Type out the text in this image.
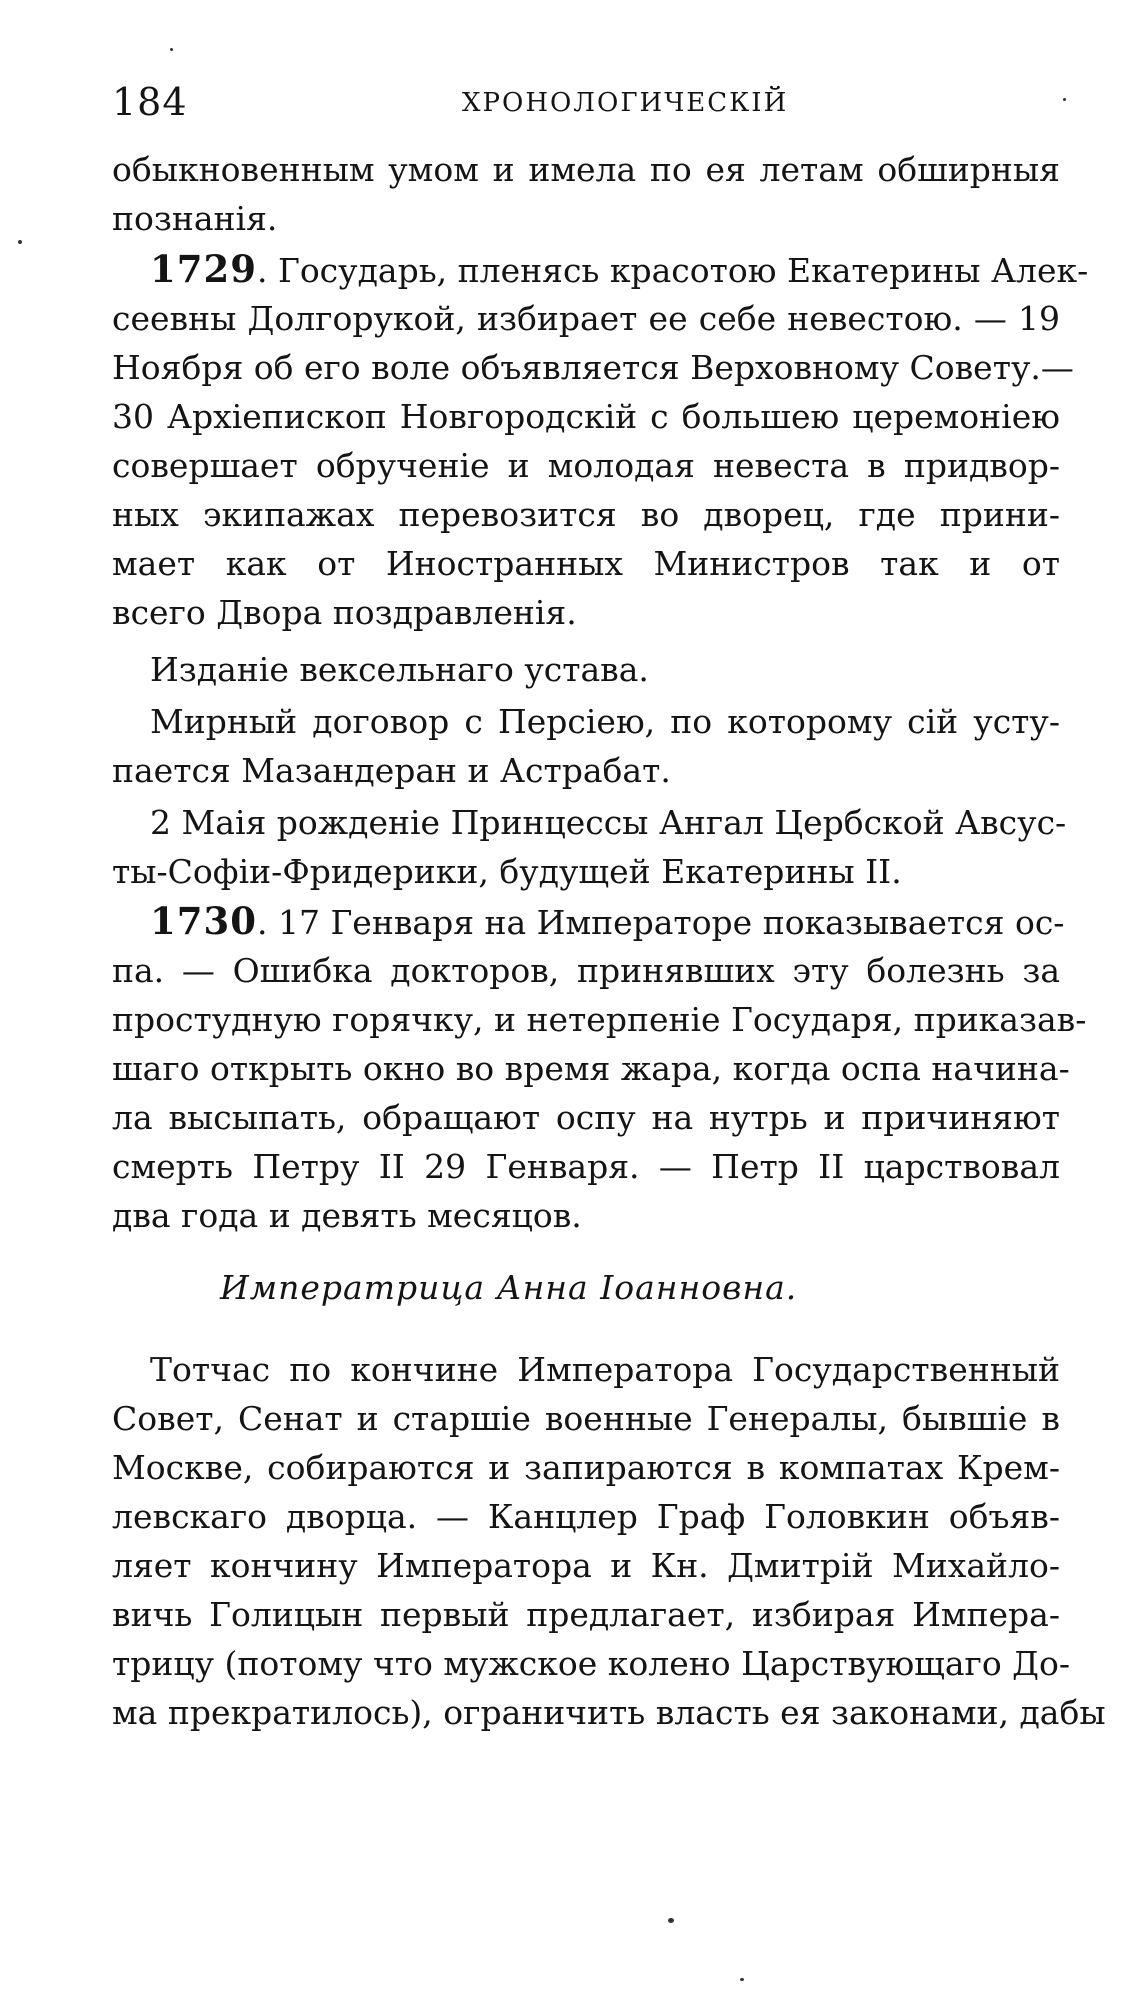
184	ХРОНОЛОГИЧЕСКІЙ
обыкновенным умом и имела по ея летам обширныя
познанія.
1729. Государь, пленясь красотою Екатерины Алек-
сеевны Долгорукой, избирает ее себе невестою. — 19
Ноября об его воле объявляется Верховному Совету.—
30 Архіепископ Новгородскій с большею церемоніею
совершает обрученіе и молодая невеста в придвор-
ных экипажах перевозится во дворец, где прини-
мает как от Иностранных Министров так и от
всего Двора поздравленія.
Изданіе вексельнаго устава.
Мирный договор с Персіею, по которому сій усту-
пается Мазандеран и Астрабат.
2 Маія рожденіе Принцессы Ангал Цербской Авсус-
ты-Софіи-Фридерики, будущей Екатерины II.
1730. 17 Генваря на Императоре показывается ос-
па. — Ошибка докторов, принявших эту болезнь за
простудную горячку, и нетерпеніе Государя, приказав-
шаго открыть окно во время жара, когда оспа начина-
ла высыпать, обращают оспу на нутрь и причиняют
смерть Петру II 29 Генваря. — Петр II царствовал
два года и девять месяцов.
Императрица Анна Іоанновна.
Тотчас по кончине Императора Государственный
Совет, Сенат и старшіе военные Генералы, бывшіе в
Москве, собираются и запираются в компатах Крем-
левскаго дворца. — Канцлер Граф Головкин объяв-
ляет кончину Императора и Кн. Дмитрій Михайло-
вичь Голицын первый предлагает, избирая Импера-
трицу (потому что мужское колено Царствующаго До-
ма прекратилось), ограничить власть ея законами, дабы
